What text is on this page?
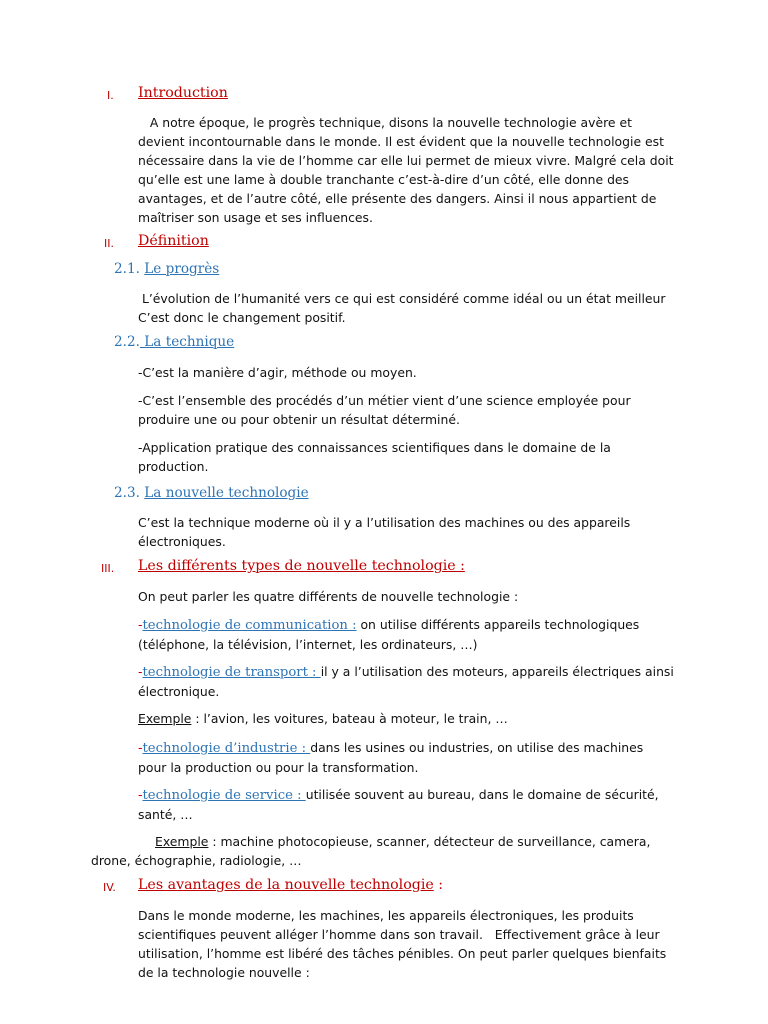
I. Introduction
A notre époque, le progrès technique, disons la nouvelle technologie avère et
devient incontournable dans le monde. Il est évident que la nouvelle technologie est
nécessaire dans la vie de l’homme car elle lui permet de mieux vivre. Malgré cela doit
qu’elle est une lame à double tranchante c’est-à-dire d’un côté, elle donne des
avantages, et de l’autre côté, elle présente des dangers. Ainsi il nous appartient de
maîtriser son usage et ses influences.
II. Définition
2.1. Le progrès
L’évolution de l’humanité vers ce qui est considéré comme idéal ou un état meilleur
C’est donc le changement positif.
2.2. La technique
-C’est la manière d’agir, méthode ou moyen.
-C’est l’ensemble des procédés d’un métier vient d’une science employée pour
produire une ou pour obtenir un résultat déterminé.
-Application pratique des connaissances scientifiques dans le domaine de la
production.
2.3. La nouvelle technologie
C’est la technique moderne où il y a l’utilisation des machines ou des appareils
électroniques.
III. Les différents types de nouvelle technologie :
On peut parler les quatre différents de nouvelle technologie :
-technologie de communication : on utilise différents appareils technologiques
(téléphone, la télévision, l’internet, les ordinateurs, …)
-technologie de transport : il y a l’utilisation des moteurs, appareils électriques ainsi
électronique.
Exemple : l’avion, les voitures, bateau à moteur, le train, …
-technologie d’industrie : dans les usines ou industries, on utilise des machines
pour la production ou pour la transformation.
-technologie de service : utilisée souvent au bureau, dans le domaine de sécurité,
santé, …
Exemple : machine photocopieuse, scanner, détecteur de surveillance, camera,
drone, échographie, radiologie, …
IV. Les avantages de la nouvelle technologie :
Dans le monde moderne, les machines, les appareils électroniques, les produits
scientifiques peuvent alléger l’homme dans son travail.   Effectivement grâce à leur
utilisation, l’homme est libéré des tâches pénibles. On peut parler quelques bienfaits
de la technologie nouvelle :
